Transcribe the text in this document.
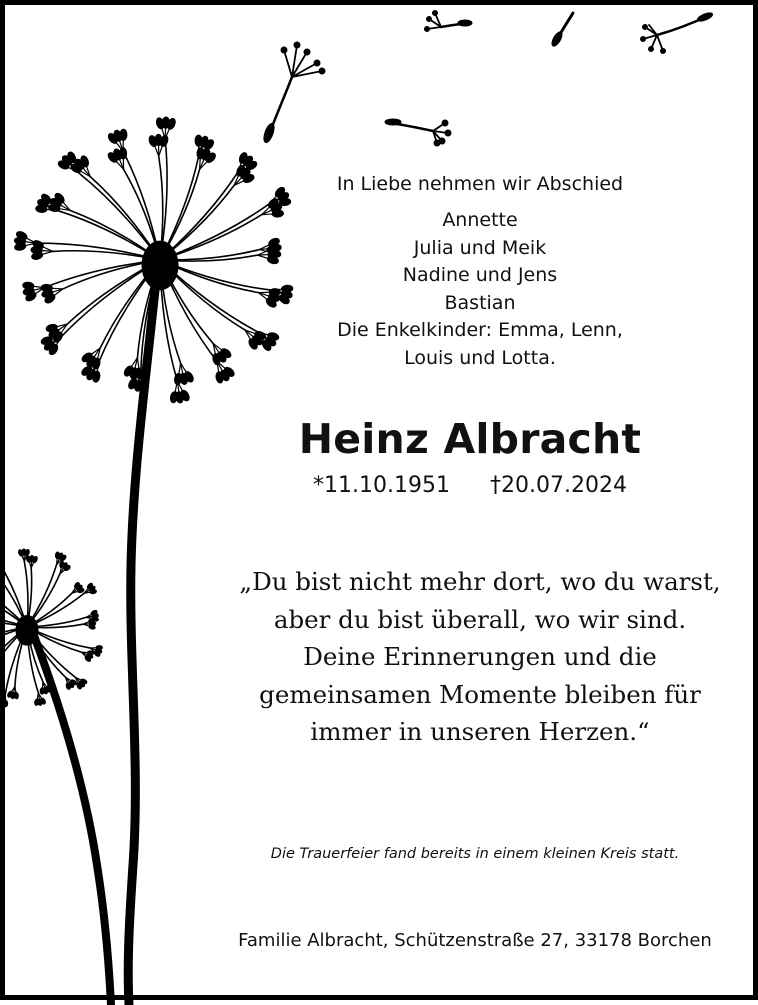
In Liebe nehmen wir Abschied
Annette
Julia und Meik
Nadine und Jens
Bastian
Die Enkelkinder: Emma, Lenn,
Louis und Lotta.
Heinz Albracht
*11.10.1951 †20.07.2024
„Du bist nicht mehr dort, wo du warst,
aber du bist überall, wo wir sind.
Deine Erinnerungen und die
gemeinsamen Momente bleiben für
immer in unseren Herzen.“
Die Trauerfeier fand bereits in einem kleinen Kreis statt.
Familie Albracht, Schützenstraße 27, 33178 Borchen
